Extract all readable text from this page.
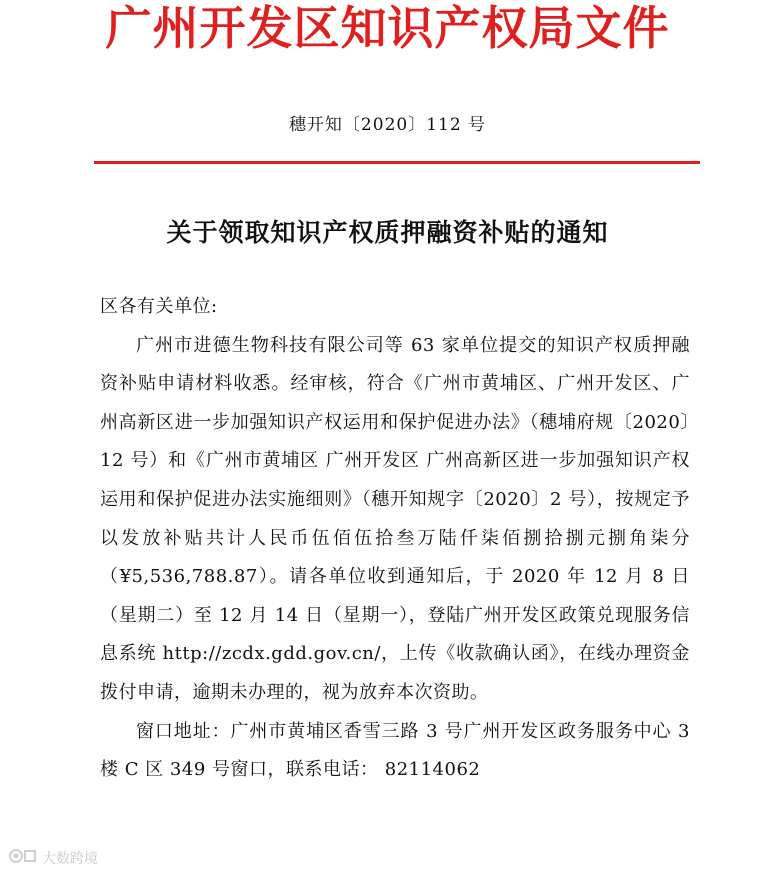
广州开发区知识产权局文件
穗开知〔2020〕112 号
关于领取知识产权质押融资补贴的通知

区各有关单位:

广州市进德生物科技有限公司等 63 家单位提交的知识产权质押融资补贴申请材料收悉。经审核，符合《广州市黄埔区、广州开发区、广州高新区进一步加强知识产权运用和保护促进办法》（穗埔府规〔2020〕12 号）和《广州市黄埔区 广州开发区 广州高新区进一步加强知识产权运用和保护促进办法实施细则》（穗开知规字〔2020〕2 号），按规定予以发放补贴共计人民币伍佰伍拾叁万陆仟柒佰捌拾捌元捌角柒分（¥5,536,788.87）。请各单位收到通知后，于 2020 年 12 月 8 日（星期二）至 12 月 14 日（星期一），登陆广州开发区政策兑现服务信息系统 http://zcdx.gdd.gov.cn/，上传《收款确认函》，在线办理资金拨付申请，逾期未办理的，视为放弃本次资助。

窗口地址：广州市黄埔区香雪三路 3 号广州开发区政务服务中心 3 楼 C 区 349 号窗口，联系电话： 82114062

大数跨境
